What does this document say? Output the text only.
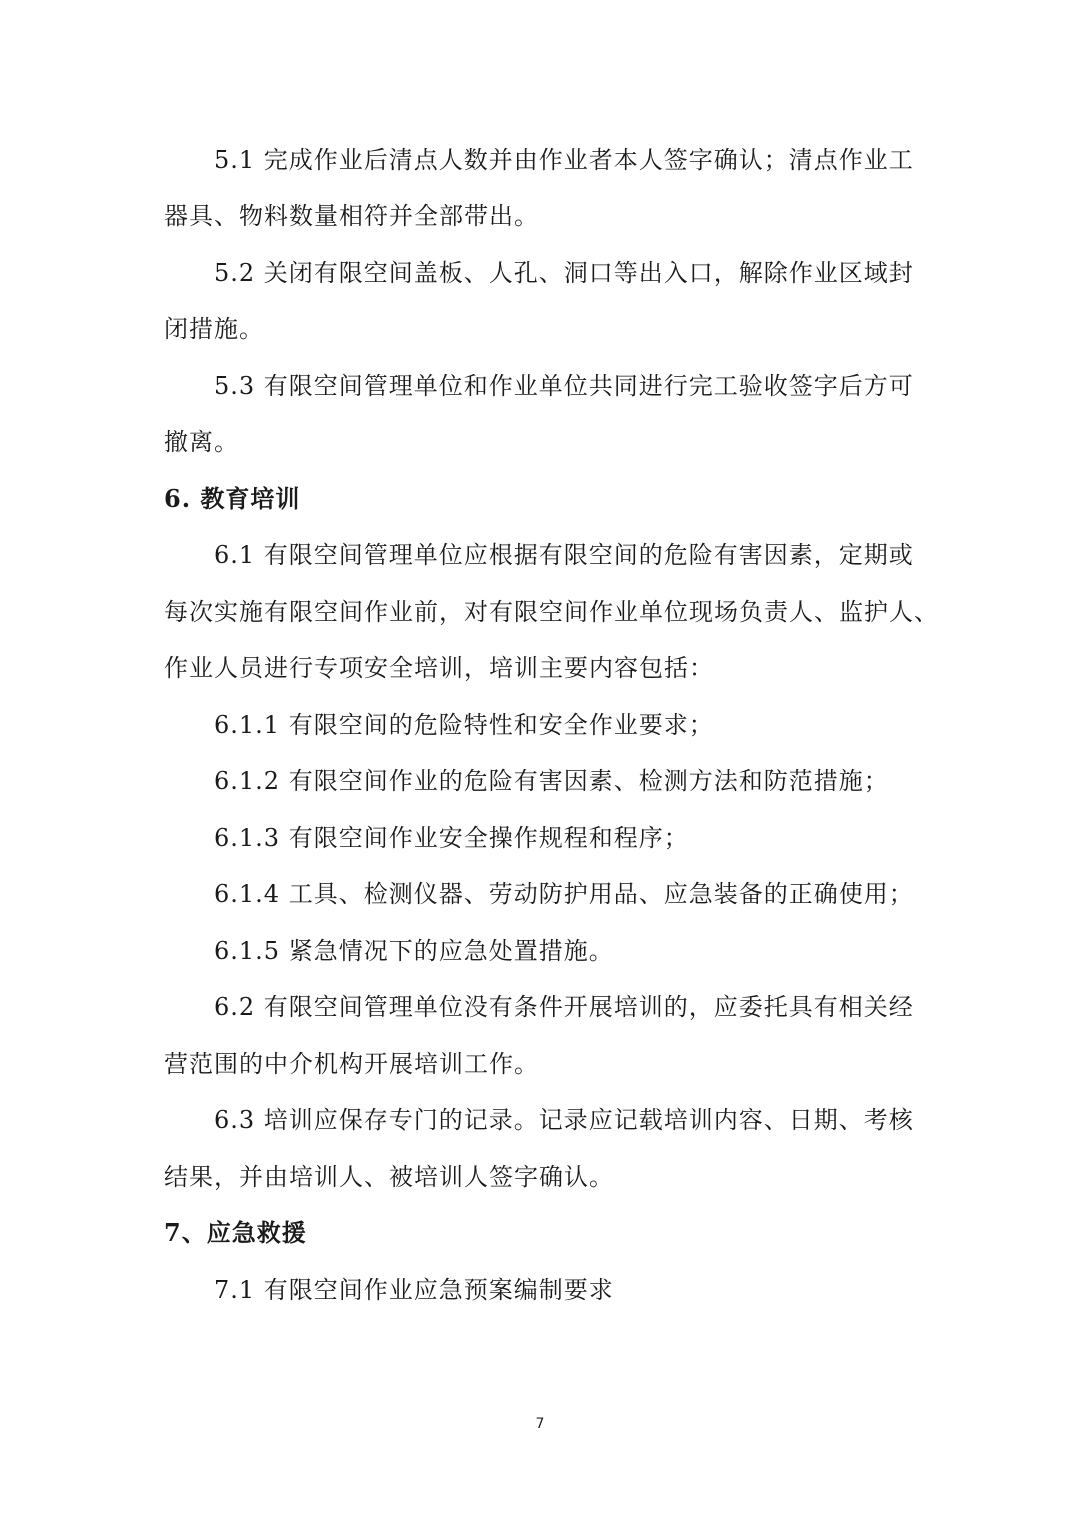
5.1 完成作业后清点人数并由作业者本人签字确认；清点作业工
器具、物料数量相符并全部带出。
5.2 关闭有限空间盖板、人孔、洞口等出入口，解除作业区域封
闭措施。
5.3 有限空间管理单位和作业单位共同进行完工验收签字后方可
撤离。
6. 教育培训
6.1 有限空间管理单位应根据有限空间的危险有害因素，定期或
每次实施有限空间作业前，对有限空间作业单位现场负责人、监护人、
作业人员进行专项安全培训，培训主要内容包括：
6.1.1 有限空间的危险特性和安全作业要求；
6.1.2 有限空间作业的危险有害因素、检测方法和防范措施；
6.1.3 有限空间作业安全操作规程和程序；
6.1.4 工具、检测仪器、劳动防护用品、应急装备的正确使用；
6.1.5 紧急情况下的应急处置措施。
6.2 有限空间管理单位没有条件开展培训的，应委托具有相关经
营范围的中介机构开展培训工作。
6.3 培训应保存专门的记录。记录应记载培训内容、日期、考核
结果，并由培训人、被培训人签字确认。
7、应急救援
7.1 有限空间作业应急预案编制要求
7
